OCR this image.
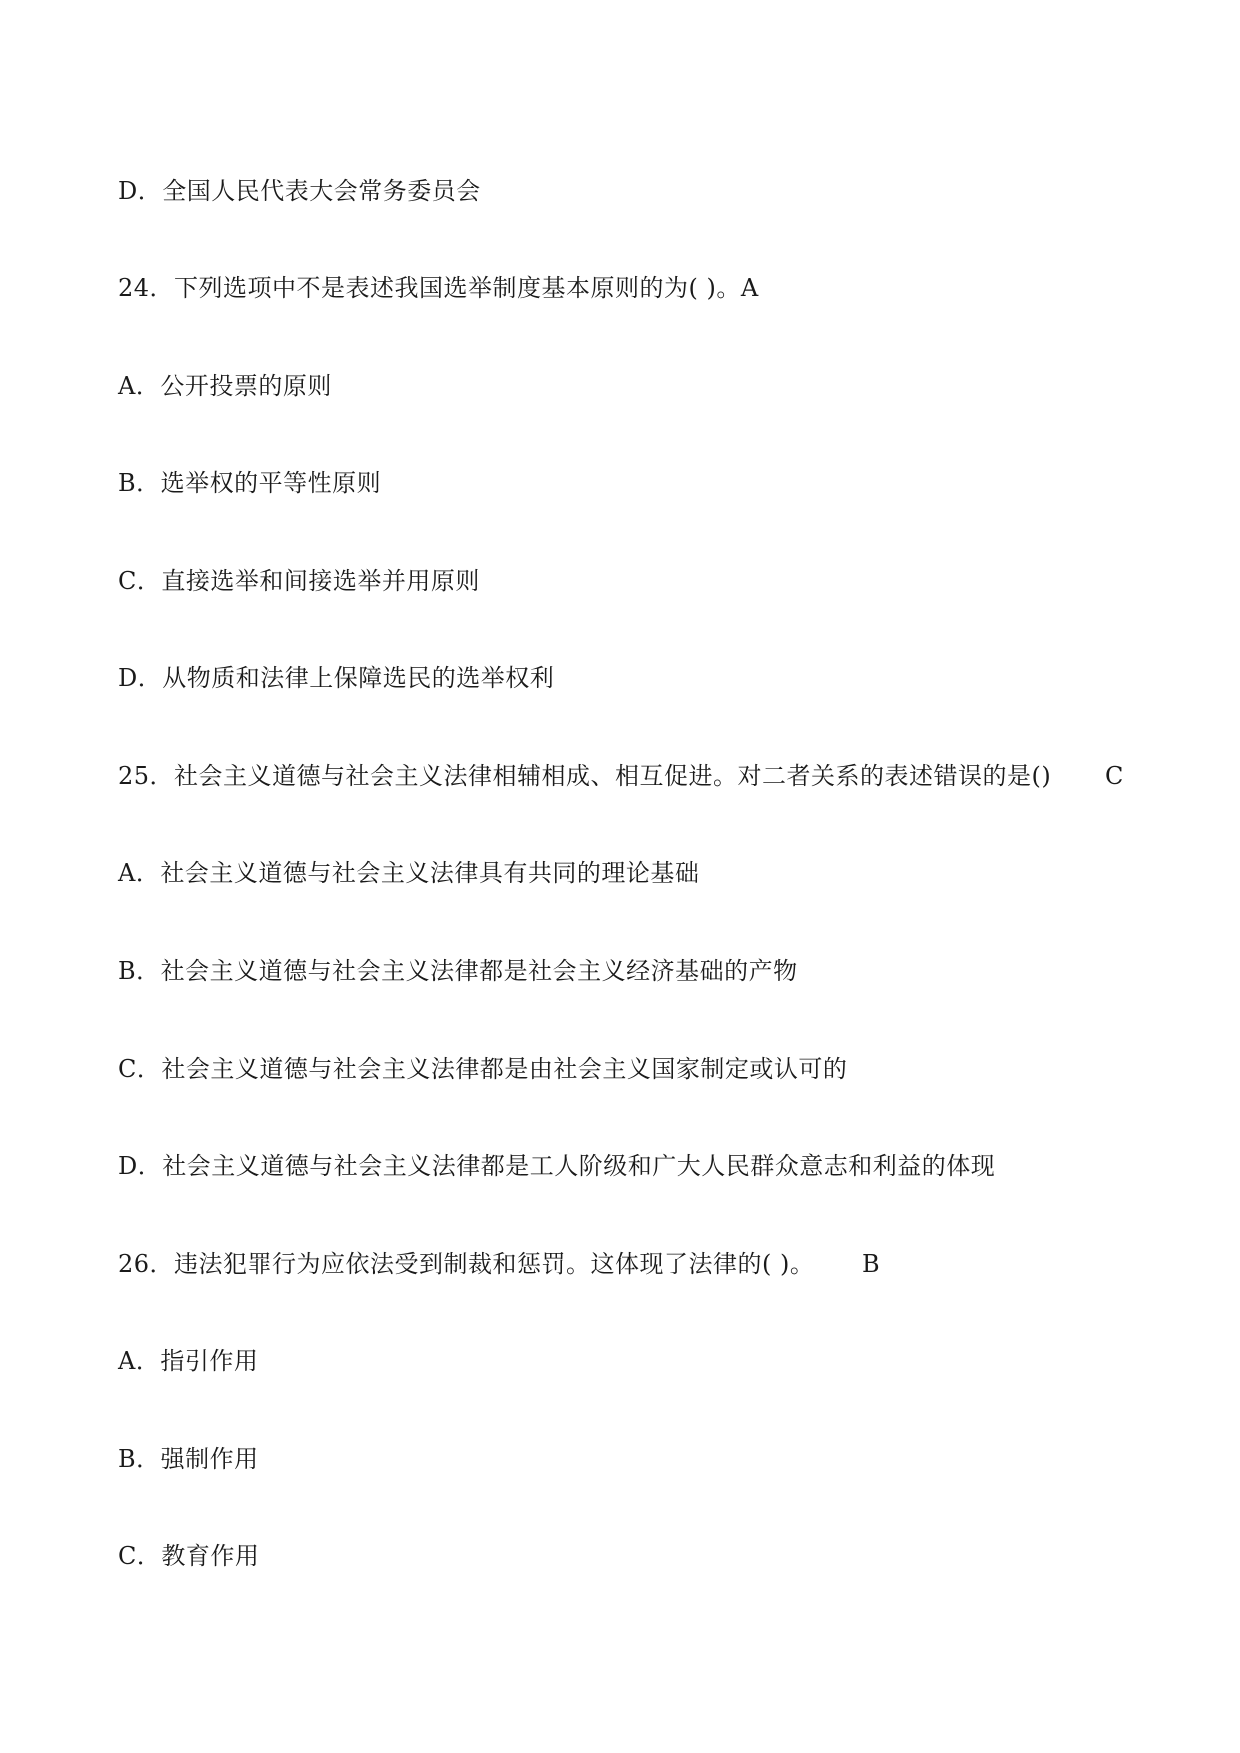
D．全国人民代表大会常务委员会
24．下列选项中不是表述我国选举制度基本原则的为( )。A
A．公开投票的原则
B．选举权的平等性原则
C．直接选举和间接选举并用原则
D．从物质和法律上保障选民的选举权利
25．社会主义道德与社会主义法律相辅相成、相互促进。对二者关系的表述错误的是() C
A．社会主义道德与社会主义法律具有共同的理论基础
B．社会主义道德与社会主义法律都是社会主义经济基础的产物
C．社会主义道德与社会主义法律都是由社会主义国家制定或认可的
D．社会主义道德与社会主义法律都是工人阶级和广大人民群众意志和利益的体现
26．违法犯罪行为应依法受到制裁和惩罚。这体现了法律的( )。 B
A．指引作用
B．强制作用
C．教育作用
